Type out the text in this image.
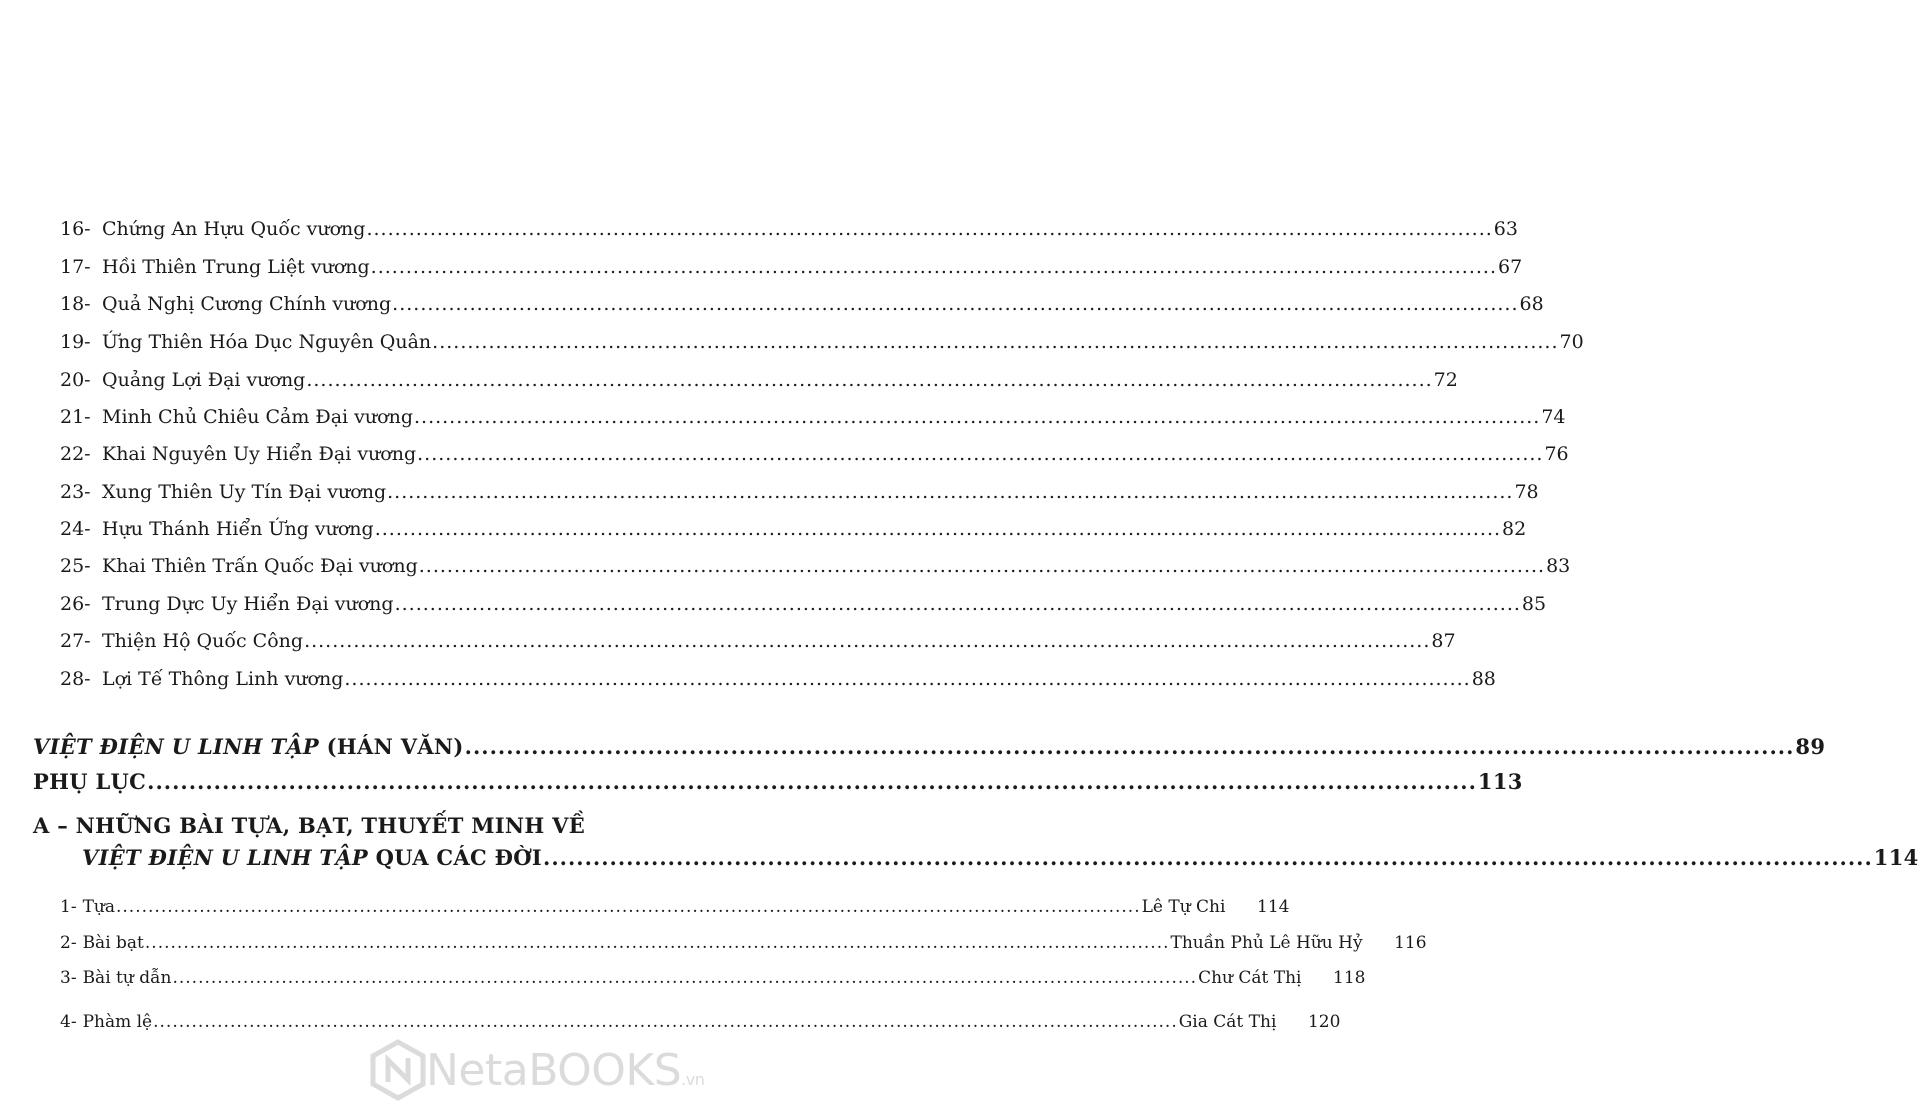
16- Chứng An Hựu Quốc vương .....	63
17- Hồi Thiên Trung Liệt vương .....	67
18- Quả Nghị Cương Chính vương .....	68
19- Ứng Thiên Hóa Dục Nguyên Quân .....	70
20- Quảng Lợi Đại vương .....	72
21- Minh Chủ Chiêu Cảm Đại vương .....	74
22- Khai Nguyên Uy Hiển Đại vương .....	76
23- Xung Thiên Uy Tín Đại vương .....	78
24- Hựu Thánh Hiển Ứng vương .....	82
25- Khai Thiên Trấn Quốc Đại vương .....	83
26- Trung Dực Uy Hiển Đại vương .....	85
27- Thiện Hộ Quốc Công .....	87
28- Lợi Tế Thông Linh vương .....	88
VIỆT ĐIỆN U LINH TẬP (HÁN VĂN) .....	89
PHỤ LỤC .....	113
A – NHỮNG BÀI TỰA, BẠT, THUYẾT MINH VỀ
VIỆT ĐIỆN U LINH TẬP QUA CÁC ĐỜI .....	114
1- Tựa .....	Lê Tự Chi	114
2- Bài bạt .....	Thuần Phủ Lê Hữu Hỷ	116
3- Bài tự dẫn .....	Chư Cát Thị	118
4- Phàm lệ .....	Gia Cát Thị	120
NetaBOOKS.vn
